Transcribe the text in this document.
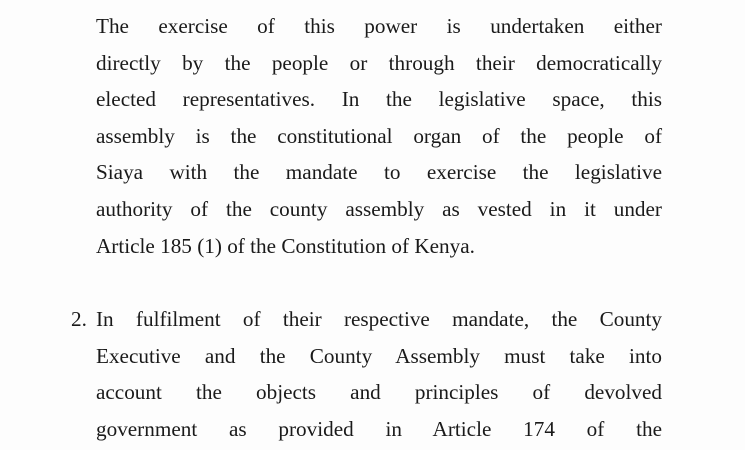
The exercise of this power is undertaken either
directly by the people or through their democratically
elected representatives. In the legislative space, this
assembly is the constitutional organ of the people of
Siaya with the mandate to exercise the legislative
authority of the county assembly as vested in it under
Article 185 (1) of the Constitution of Kenya.
2. In fulfilment of their respective mandate, the County
Executive and the County Assembly must take into
account the objects and principles of devolved
government as provided in Article 174 of the
